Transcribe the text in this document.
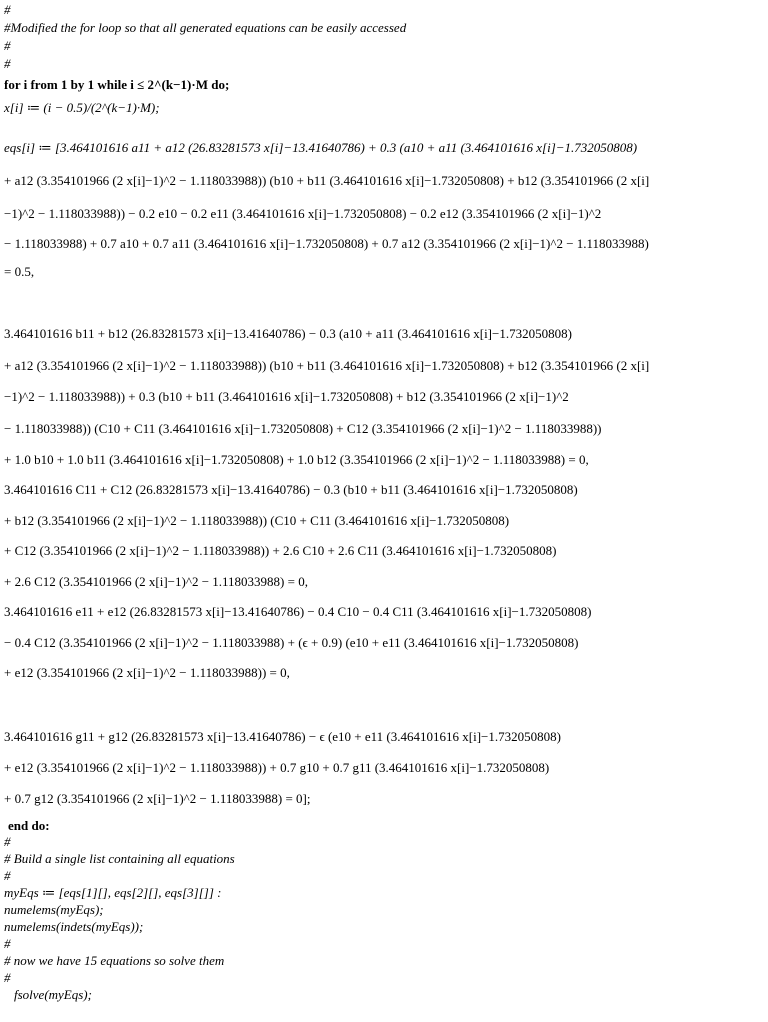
#
#Modified the for loop so that all generated equations can be easily accessed
#
#
for i from 1 by 1 while i ≤ 2^(k−1)·M do;
x[i] ≔ (i − 0.5)/(2^(k−1)·M);
eqs[i] ≔ [3.464101616 a11 + a12 (26.83281573 x[i]−13.41640786) + 0.3 (a10 + a11 (3.464101616 x[i]−1.732050808)
+ a12 (3.354101966 (2 x[i]−1)^2 − 1.118033988)) (b10 + b11 (3.464101616 x[i]−1.732050808) + b12 (3.354101966 (2 x[i]
−1)^2 − 1.118033988)) − 0.2 e10 − 0.2 e11 (3.464101616 x[i]−1.732050808) − 0.2 e12 (3.354101966 (2 x[i]−1)^2
− 1.118033988) + 0.7 a10 + 0.7 a11 (3.464101616 x[i]−1.732050808) + 0.7 a12 (3.354101966 (2 x[i]−1)^2 − 1.118033988)
= 0.5,
3.464101616 b11 + b12 (26.83281573 x[i]−13.41640786) − 0.3 (a10 + a11 (3.464101616 x[i]−1.732050808)
+ a12 (3.354101966 (2 x[i]−1)^2 − 1.118033988)) (b10 + b11 (3.464101616 x[i]−1.732050808) + b12 (3.354101966 (2 x[i]
−1)^2 − 1.118033988)) + 0.3 (b10 + b11 (3.464101616 x[i]−1.732050808) + b12 (3.354101966 (2 x[i]−1)^2
− 1.118033988)) (C10 + C11 (3.464101616 x[i]−1.732050808) + C12 (3.354101966 (2 x[i]−1)^2 − 1.118033988))
+ 1.0 b10 + 1.0 b11 (3.464101616 x[i]−1.732050808) + 1.0 b12 (3.354101966 (2 x[i]−1)^2 − 1.118033988) = 0,
3.464101616 C11 + C12 (26.83281573 x[i]−13.41640786) − 0.3 (b10 + b11 (3.464101616 x[i]−1.732050808)
+ b12 (3.354101966 (2 x[i]−1)^2 − 1.118033988)) (C10 + C11 (3.464101616 x[i]−1.732050808)
+ C12 (3.354101966 (2 x[i]−1)^2 − 1.118033988)) + 2.6 C10 + 2.6 C11 (3.464101616 x[i]−1.732050808)
+ 2.6 C12 (3.354101966 (2 x[i]−1)^2 − 1.118033988) = 0,
3.464101616 e11 + e12 (26.83281573 x[i]−13.41640786) − 0.4 C10 − 0.4 C11 (3.464101616 x[i]−1.732050808)
− 0.4 C12 (3.354101966 (2 x[i]−1)^2 − 1.118033988) + (ϵ + 0.9) (e10 + e11 (3.464101616 x[i]−1.732050808)
+ e12 (3.354101966 (2 x[i]−1)^2 − 1.118033988)) = 0,
3.464101616 g11 + g12 (26.83281573 x[i]−13.41640786) − ϵ (e10 + e11 (3.464101616 x[i]−1.732050808)
+ e12 (3.354101966 (2 x[i]−1)^2 − 1.118033988)) + 0.7 g10 + 0.7 g11 (3.464101616 x[i]−1.732050808)
+ 0.7 g12 (3.354101966 (2 x[i]−1)^2 − 1.118033988) = 0];
end do:
#
# Build a single list containing all equations
#
myEqs ≔ [eqs[1][], eqs[2][], eqs[3][]] :
numelems(myEqs);
numelems(indets(myEqs));
#
# now we have 15 equations so solve them
#
fsolve(myEqs);
